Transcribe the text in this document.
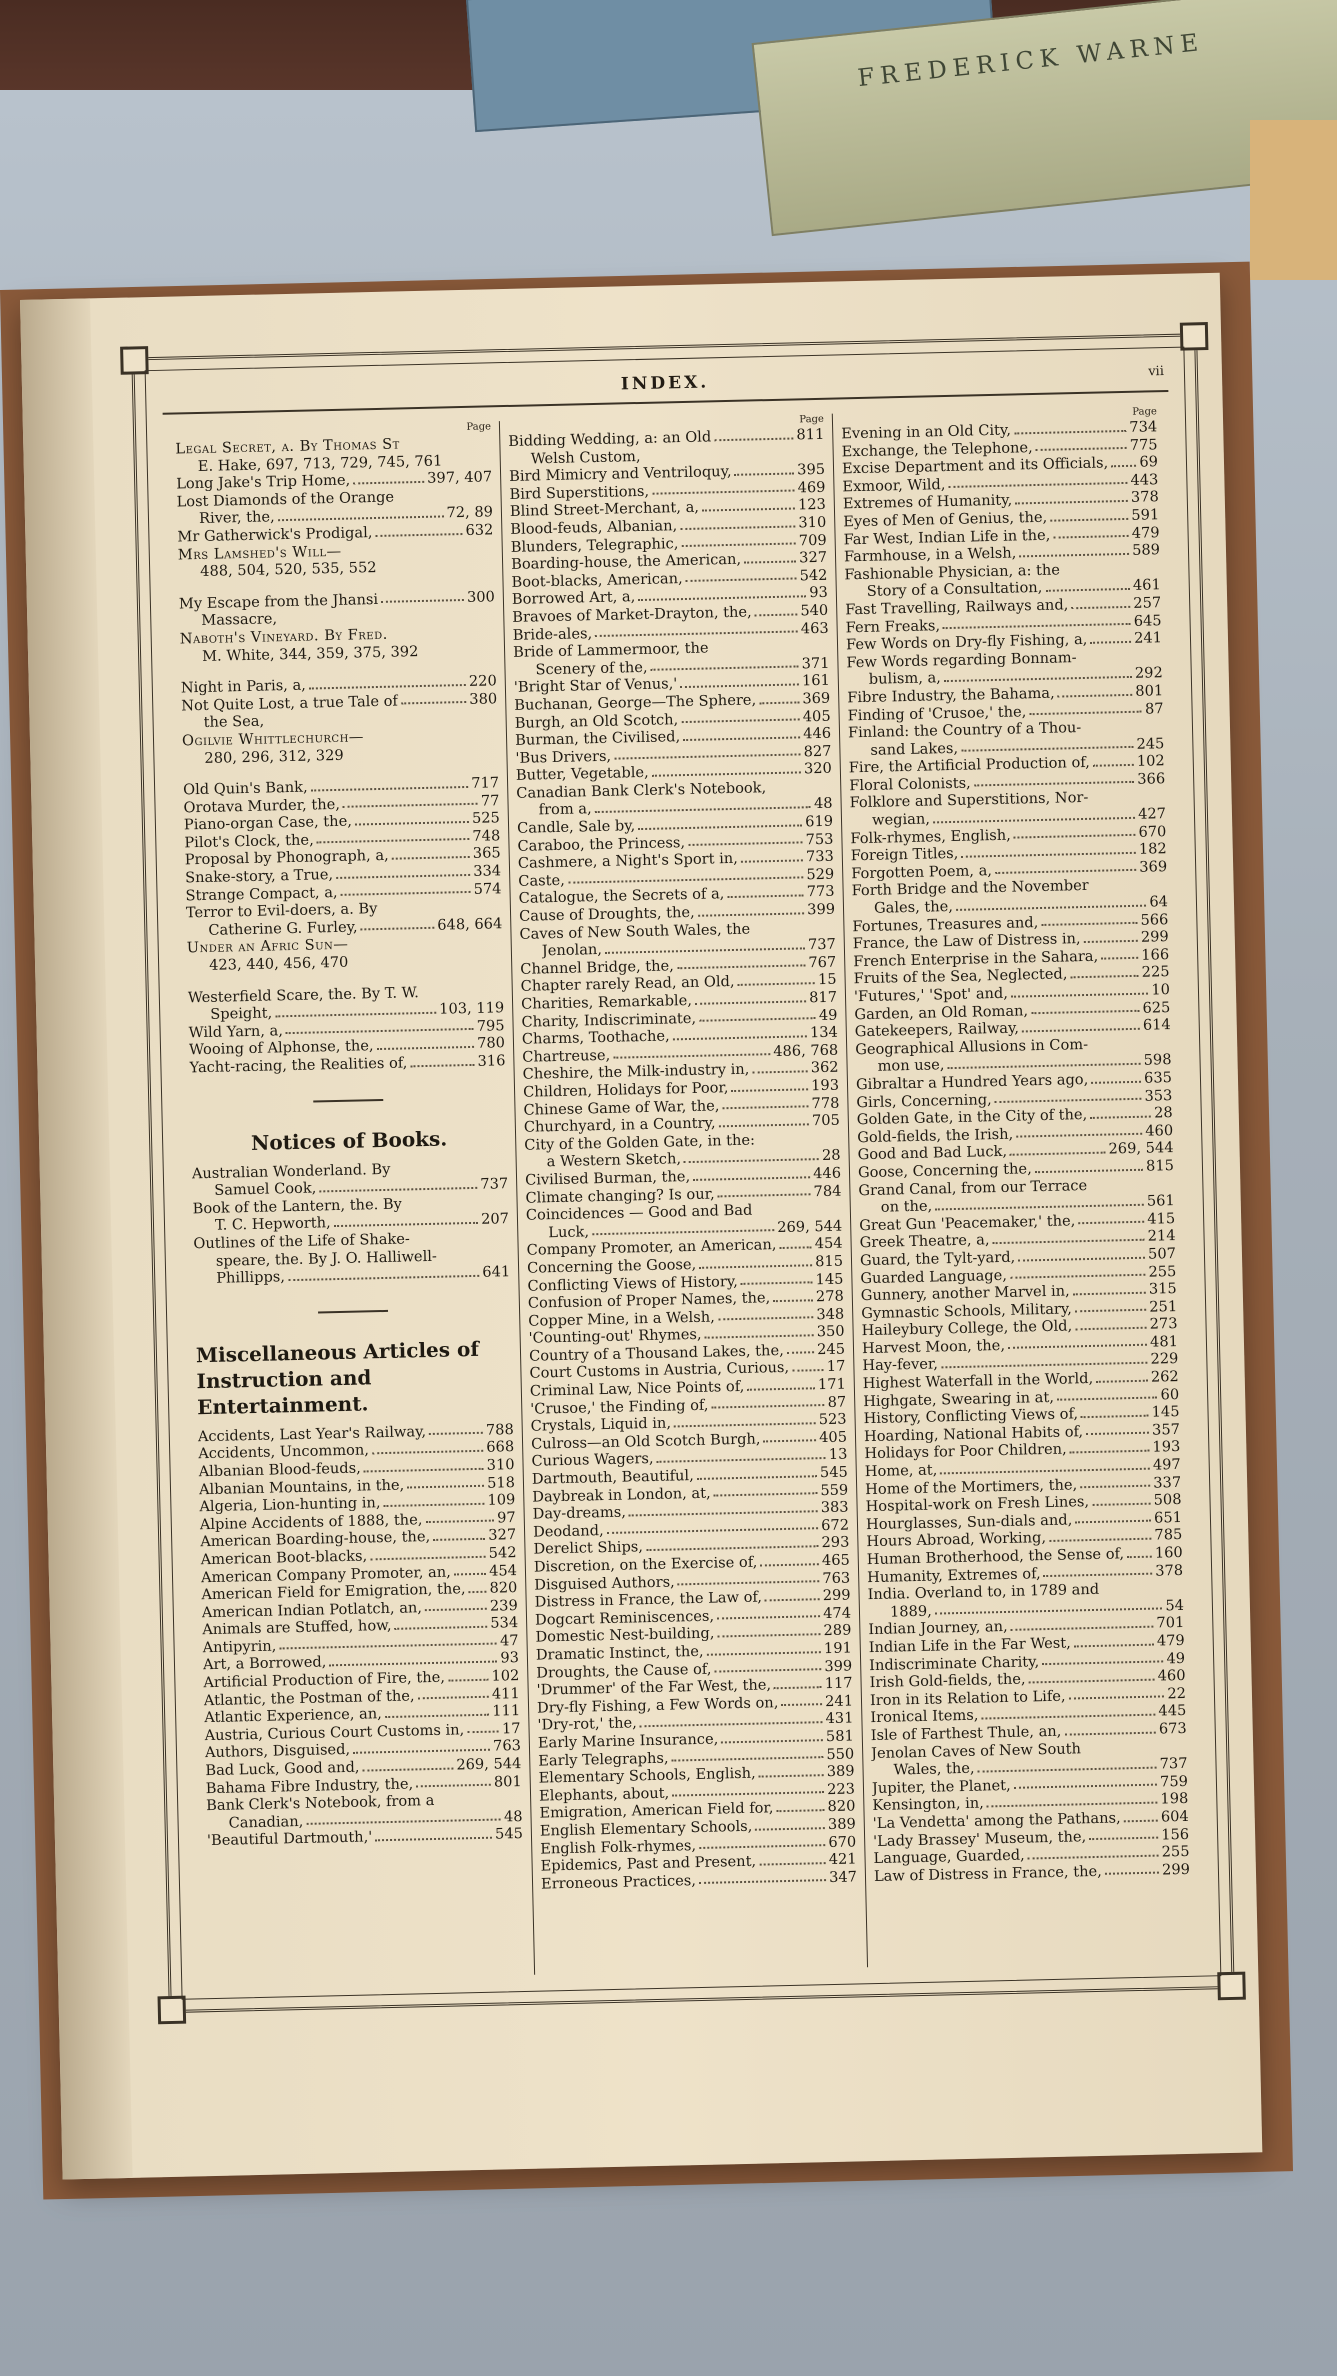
FREDERICK WARNE
INDEX.
vii
Page
Legal Secret, a. By Thomas St
E. Hake, 697, 713, 729, 745, 761
Long Jake's Trip Home,	397, 407
Lost Diamonds of the Orange
River, the,	72, 89
Mr Gatherwick's Prodigal,	632
Mrs Lamshed's Will—
488, 504, 520, 535, 552
My Escape from the Jhansi	300
Massacre,
Naboth's Vineyard. By Fred.
M. White, 344, 359, 375, 392
Night in Paris, a,	220
Not Quite Lost, a true Tale of	380
the Sea,
Ogilvie Whittlechurch—
280, 296, 312, 329
Old Quin's Bank,	717
Orotava Murder, the,	77
Piano-organ Case, the,	525
Pilot's Clock, the,	748
Proposal by Phonograph, a,	365
Snake-story, a True,	334
Strange Compact, a,	574
Terror to Evil-doers, a. By
Catherine G. Furley,	648, 664
Under an Afric Sun—
423, 440, 456, 470
Westerfield Scare, the. By T. W.
Speight,	103, 119
Wild Yarn, a,	795
Wooing of Alphonse, the,	780
Yacht-racing, the Realities of,	316
Notices of Books.
Australian Wonderland. By
Samuel Cook,	737
Book of the Lantern, the. By
T. C. Hepworth,	207
Outlines of the Life of Shake-
speare, the. By J. O. Halliwell-
Phillipps,	641
Miscellaneous Articles of Instruction and Entertainment.
Accidents, Last Year's Railway,	788
Accidents, Uncommon,	668
Albanian Blood-feuds,	310
Albanian Mountains, in the,	518
Algeria, Lion-hunting in,	109
Alpine Accidents of 1888, the,	97
American Boarding-house, the,	327
American Boot-blacks,	542
American Company Promoter, an,	454
American Field for Emigration, the, 820
American Indian Potlatch, an,	239
Animals are Stuffed, how,	534
Antipyrin,	47
Art, a Borrowed,	93
Artificial Production of Fire, the,	102
Atlantic, the Postman of the,	411
Atlantic Experience, an,	111
Austria, Curious Court Customs in,	17
Authors, Disguised,	763
Bad Luck, Good and,	269, 544
Bahama Fibre Industry, the,	801
Bank Clerk's Notebook, from a
Canadian,	48
'Beautiful Dartmouth,'	545
Page
Bidding Wedding, a: an Old	811
Welsh Custom,
Bird Mimicry and Ventriloquy,	395
Bird Superstitions,	469
Blind Street-Merchant, a,	123
Blood-feuds, Albanian,	310
Blunders, Telegraphic,	709
Boarding-house, the American,	327
Boot-blacks, American,	542
Borrowed Art, a,	93
Bravoes of Market-Drayton, the,	540
Bride-ales,	463
Bride of Lammermoor, the
Scenery of the,	371
'Bright Star of Venus,'	161
Buchanan, George—The Sphere,	369
Burgh, an Old Scotch,	405
Burman, the Civilised,	446
'Bus Drivers,	827
Butter, Vegetable,	320
Canadian Bank Clerk's Notebook,
from a,	48
Candle, Sale by,	619
Caraboo, the Princess,	753
Cashmere, a Night's Sport in,	733
Caste,	529
Catalogue, the Secrets of a,	773
Cause of Droughts, the,	399
Caves of New South Wales, the
Jenolan,	737
Channel Bridge, the,	767
Chapter rarely Read, an Old,	15
Charities, Remarkable,	817
Charity, Indiscriminate,	49
Charms, Toothache,	134
Chartreuse,	486, 768
Cheshire, the Milk-industry in,	362
Children, Holidays for Poor,	193
Chinese Game of War, the,	778
Churchyard, in a Country,	705
City of the Golden Gate, in the:
a Western Sketch,	28
Civilised Burman, the,	446
Climate changing? Is our,	784
Coincidences — Good and Bad
Luck,	269, 544
Company Promoter, an American,	454
Concerning the Goose,	815
Conflicting Views of History,	145
Confusion of Proper Names, the,	278
Copper Mine, in a Welsh,	348
'Counting-out' Rhymes,	350
Country of a Thousand Lakes, the, 245
Court Customs in Austria, Curious,	17
Criminal Law, Nice Points of,	171
'Crusoe,' the Finding of,	87
Crystals, Liquid in,	523
Culross—an Old Scotch Burgh,	405
Curious Wagers,	13
Dartmouth, Beautiful,	545
Daybreak in London, at,	559
Day-dreams,	383
Deodand,	672
Derelict Ships,	293
Discretion, on the Exercise of,	465
Disguised Authors,	763
Distress in France, the Law of,	299
Dogcart Reminiscences,	474
Domestic Nest-building,	289
Dramatic Instinct, the,	191
Droughts, the Cause of,	399
'Drummer' of the Far West, the,	117
Dry-fly Fishing, a Few Words on,	241
'Dry-rot,' the,	431
Early Marine Insurance,	581
Early Telegraphs,	550
Elementary Schools, English,	389
Elephants, about,	223
Emigration, American Field for,	820
English Elementary Schools,	389
English Folk-rhymes,	670
Epidemics, Past and Present,	421
Erroneous Practices,	347
Page
Evening in an Old City,	734
Exchange, the Telephone,	775
Excise Department and its Officials, 69
Exmoor, Wild,	443
Extremes of Humanity,	378
Eyes of Men of Genius, the,	591
Far West, Indian Life in the,	479
Farmhouse, in a Welsh,	589
Fashionable Physician, a: the
Story of a Consultation,	461
Fast Travelling, Railways and,	257
Fern Freaks,	645
Few Words on Dry-fly Fishing, a,	241
Few Words regarding Bonnam-
bulism, a,	292
Fibre Industry, the Bahama,	801
Finding of 'Crusoe,' the,	87
Finland: the Country of a Thou-
sand Lakes,	245
Fire, the Artificial Production of,	102
Floral Colonists,	366
Folklore and Superstitions, Nor-
wegian,	427
Folk-rhymes, English,	670
Foreign Titles,	182
Forgotten Poem, a,	369
Forth Bridge and the November
Gales, the,	64
Fortunes, Treasures and,	566
France, the Law of Distress in,	299
French Enterprise in the Sahara,	166
Fruits of the Sea, Neglected,	225
'Futures,' 'Spot' and,	10
Garden, an Old Roman,	625
Gatekeepers, Railway,	614
Geographical Allusions in Com-
mon use,	598
Gibraltar a Hundred Years ago,	635
Girls, Concerning,	353
Golden Gate, in the City of the,	28
Gold-fields, the Irish,	460
Good and Bad Luck,	269, 544
Goose, Concerning the,	815
Grand Canal, from our Terrace
on the,	561
Great Gun 'Peacemaker,' the,	415
Greek Theatre, a,	214
Guard, the Tylt-yard,	507
Guarded Language,	255
Gunnery, another Marvel in,	315
Gymnastic Schools, Military,	251
Haileybury College, the Old,	273
Harvest Moon, the,	481
Hay-fever,	229
Highest Waterfall in the World,	262
Highgate, Swearing in at,	60
History, Conflicting Views of,	145
Hoarding, National Habits of,	357
Holidays for Poor Children,	193
Home, at,	497
Home of the Mortimers, the,	337
Hospital-work on Fresh Lines,	508
Hourglasses, Sun-dials and,	651
Hours Abroad, Working,	785
Human Brotherhood, the Sense of, 160
Humanity, Extremes of,	378
India. Overland to, in 1789 and
1889,	54
Indian Journey, an,	701
Indian Life in the Far West,	479
Indiscriminate Charity,	49
Irish Gold-fields, the,	460
Iron in its Relation to Life,	22
Ironical Items,	445
Isle of Farthest Thule, an,	673
Jenolan Caves of New South
Wales, the,	737
Jupiter, the Planet,	759
Kensington, in,	198
'La Vendetta' among the Pathans,	604
'Lady Brassey' Museum, the,	156
Language, Guarded,	255
Law of Distress in France, the,	299
